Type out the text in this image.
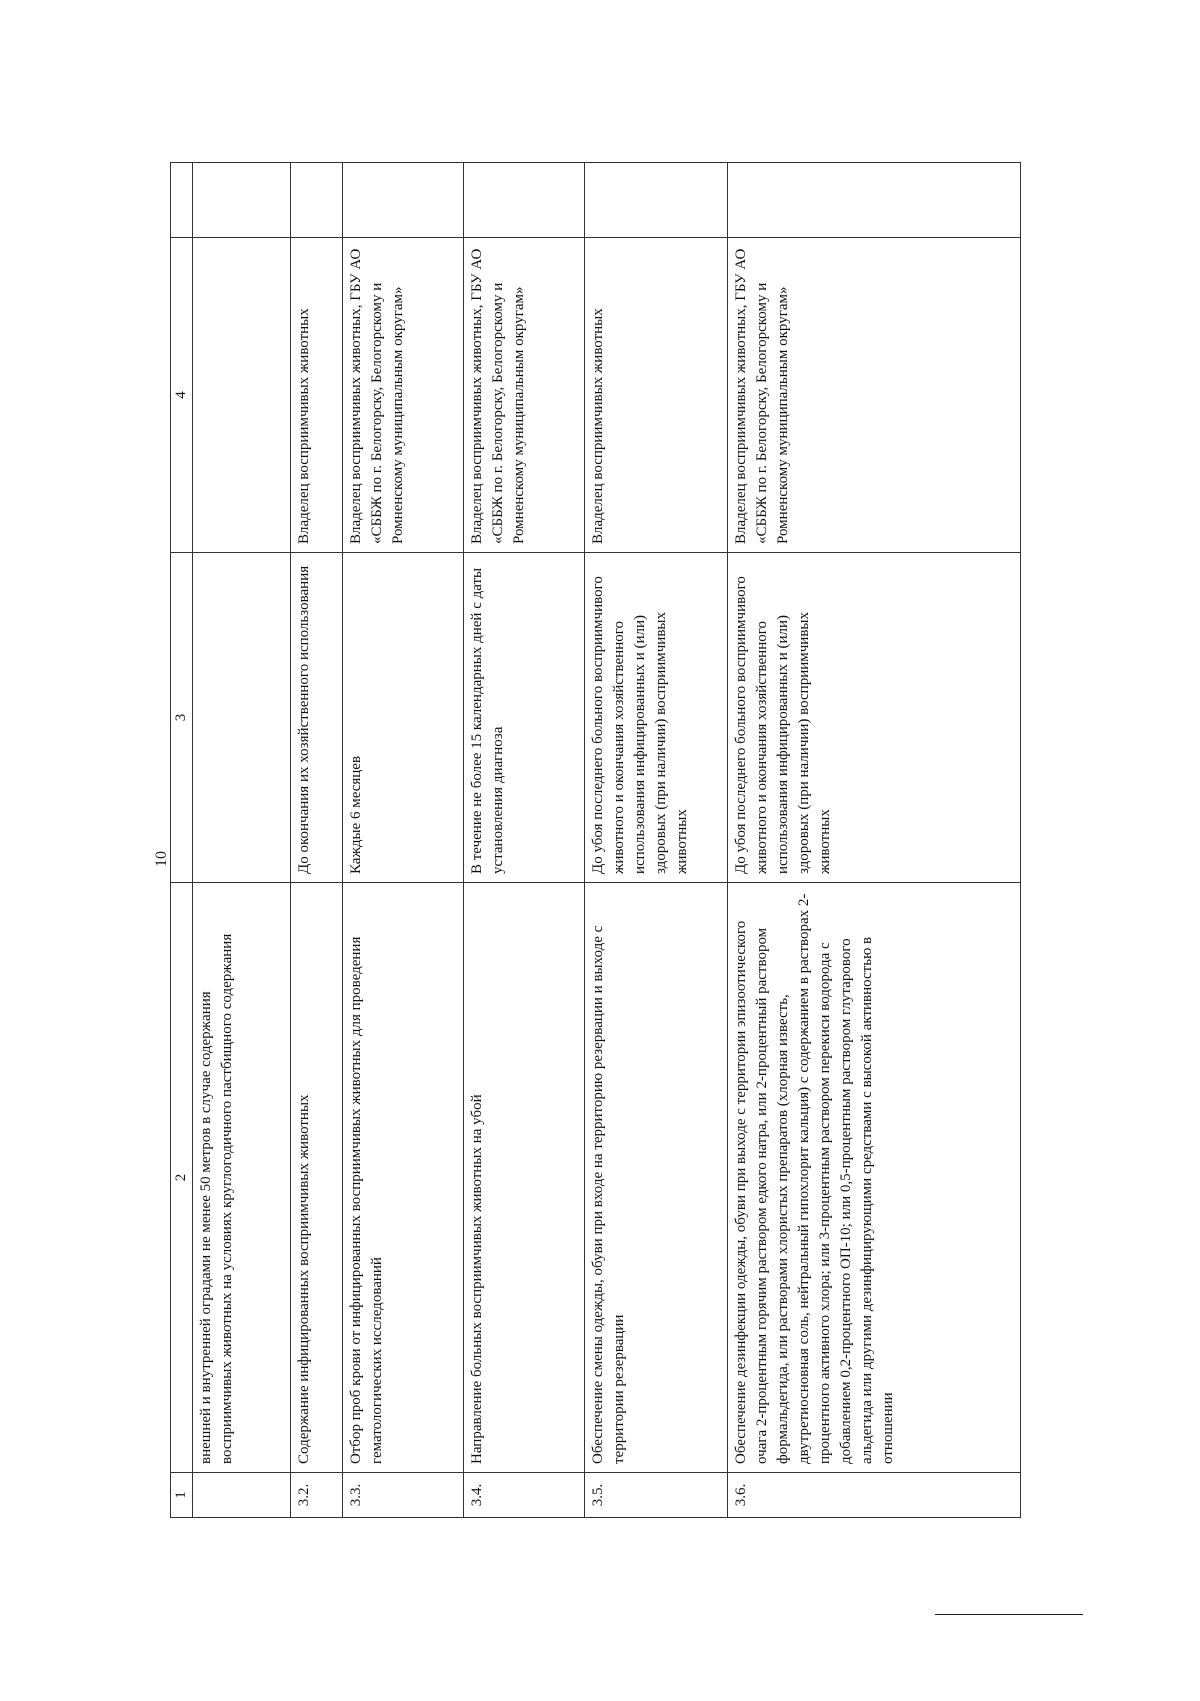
10
1	2	3	4	
	внешней и внутренней оградами не менее 50 метров в случае содержания восприимчивых животных на условиях круглогодичного пастбищного содержания			
3.2.	Содержание инфицированных восприимчивых животных	До окончания их хозяйственного использования	Владелец восприимчивых животных	
3.3.	Отбор проб крови от инфицированных восприимчивых животных для проведения гематологических исследований	Каждые 6 месяцев	Владелец восприимчивых животных, ГБУ АО «СББЖ по г. Белогорску, Белогорскому и Ромненскому муниципальным округам»	
3.4.	Направление больных восприимчивых животных на убой	В течение не более 15 календарных дней с даты установления диагноза	Владелец восприимчивых животных, ГБУ АО «СББЖ по г. Белогорску, Белогорскому и Ромненскому муниципальным округам»	
3.5.	Обеспечение смены одежды, обуви при входе на территорию резервации и выходе с территории резервации	До убоя последнего больного восприимчивого животного и окончания хозяйственного использования инфицированных и (или) здоровых (при наличии) восприимчивых животных	Владелец восприимчивых животных	
3.6.	Обеспечение дезинфекции одежды, обуви при выходе с территории эпизоотического очага 2-процентным горячим раствором едкого натра, или 2-процентный раствором формальдегида, или растворами хлористых препаратов (хлорная известь, двутретиосновная соль, нейтральный гипохлорит кальция) с содержанием в растворах 2-процентного активного хлора; или 3-процентным раствором перекиси водорода с добавлением 0,2-процентного ОП-10; или 0,5-процентным раствором глутарового альдегида или другими дезинфицирующими средствами с высокой активностью в отношении	До убоя последнего больного восприимчивого животного и окончания хозяйственного использования инфицированных и (или) здоровых (при наличии) восприимчивых животных	Владелец восприимчивых животных, ГБУ АО «СББЖ по г. Белогорску, Белогорскому и Ромненскому муниципальным округам»	
